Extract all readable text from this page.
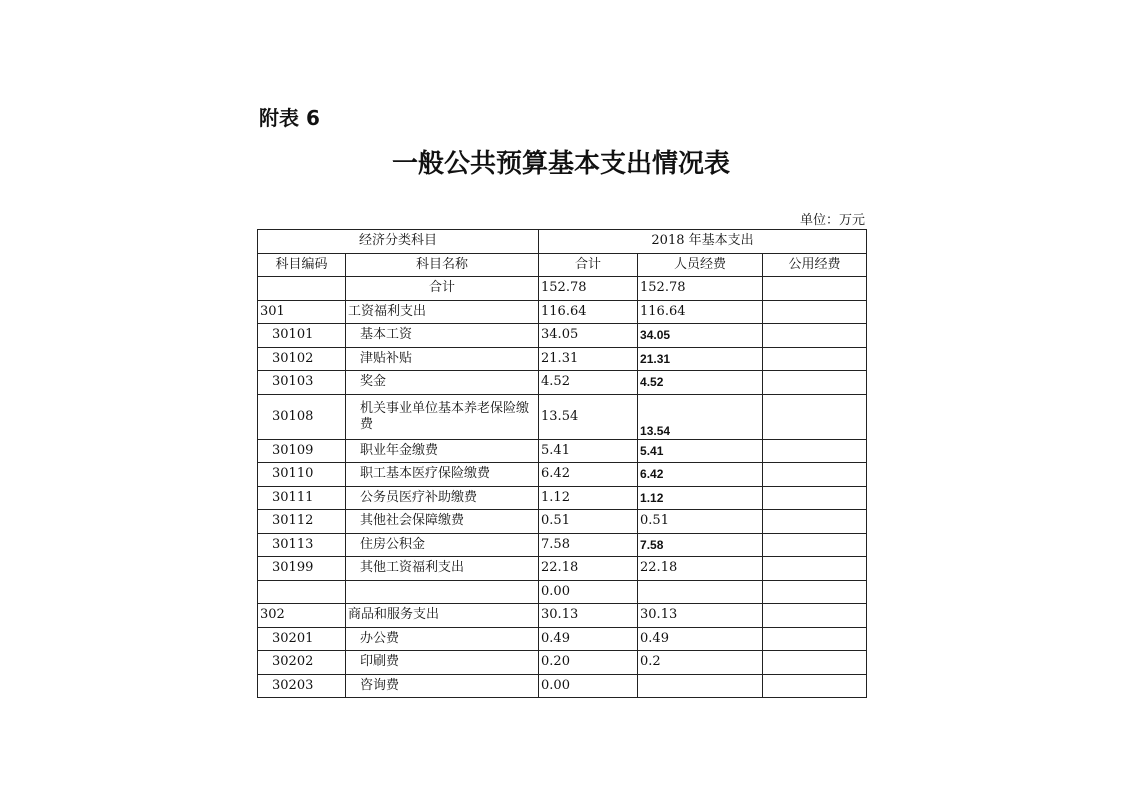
附表 6
一般公共预算基本支出情况表
单位：万元
经济分类科目		2018 年基本支出		
科目编码	科目名称	合计	人员经费	公用经费
	合计	152.78	152.78	
301	工资福利支出	116.64	116.64	
30101	基本工资	34.05	34.05	
30102	津贴补贴	21.31	21.31	
30103	奖金	4.52	4.52	
30108	机关事业单位基本养老保险缴费	13.54	13.54	
30109	职业年金缴费	5.41	5.41	
30110	职工基本医疗保险缴费	6.42	6.42	
30111	公务员医疗补助缴费	1.12	1.12	
30112	其他社会保障缴费	0.51	0.51	
30113	住房公积金	7.58	7.58	
30199	其他工资福利支出	22.18	22.18	
		0.00		
302	商品和服务支出	30.13	30.13	
30201	办公费	0.49	0.49	
30202	印刷费	0.20	0.2	
30203	咨询费	0.00		
